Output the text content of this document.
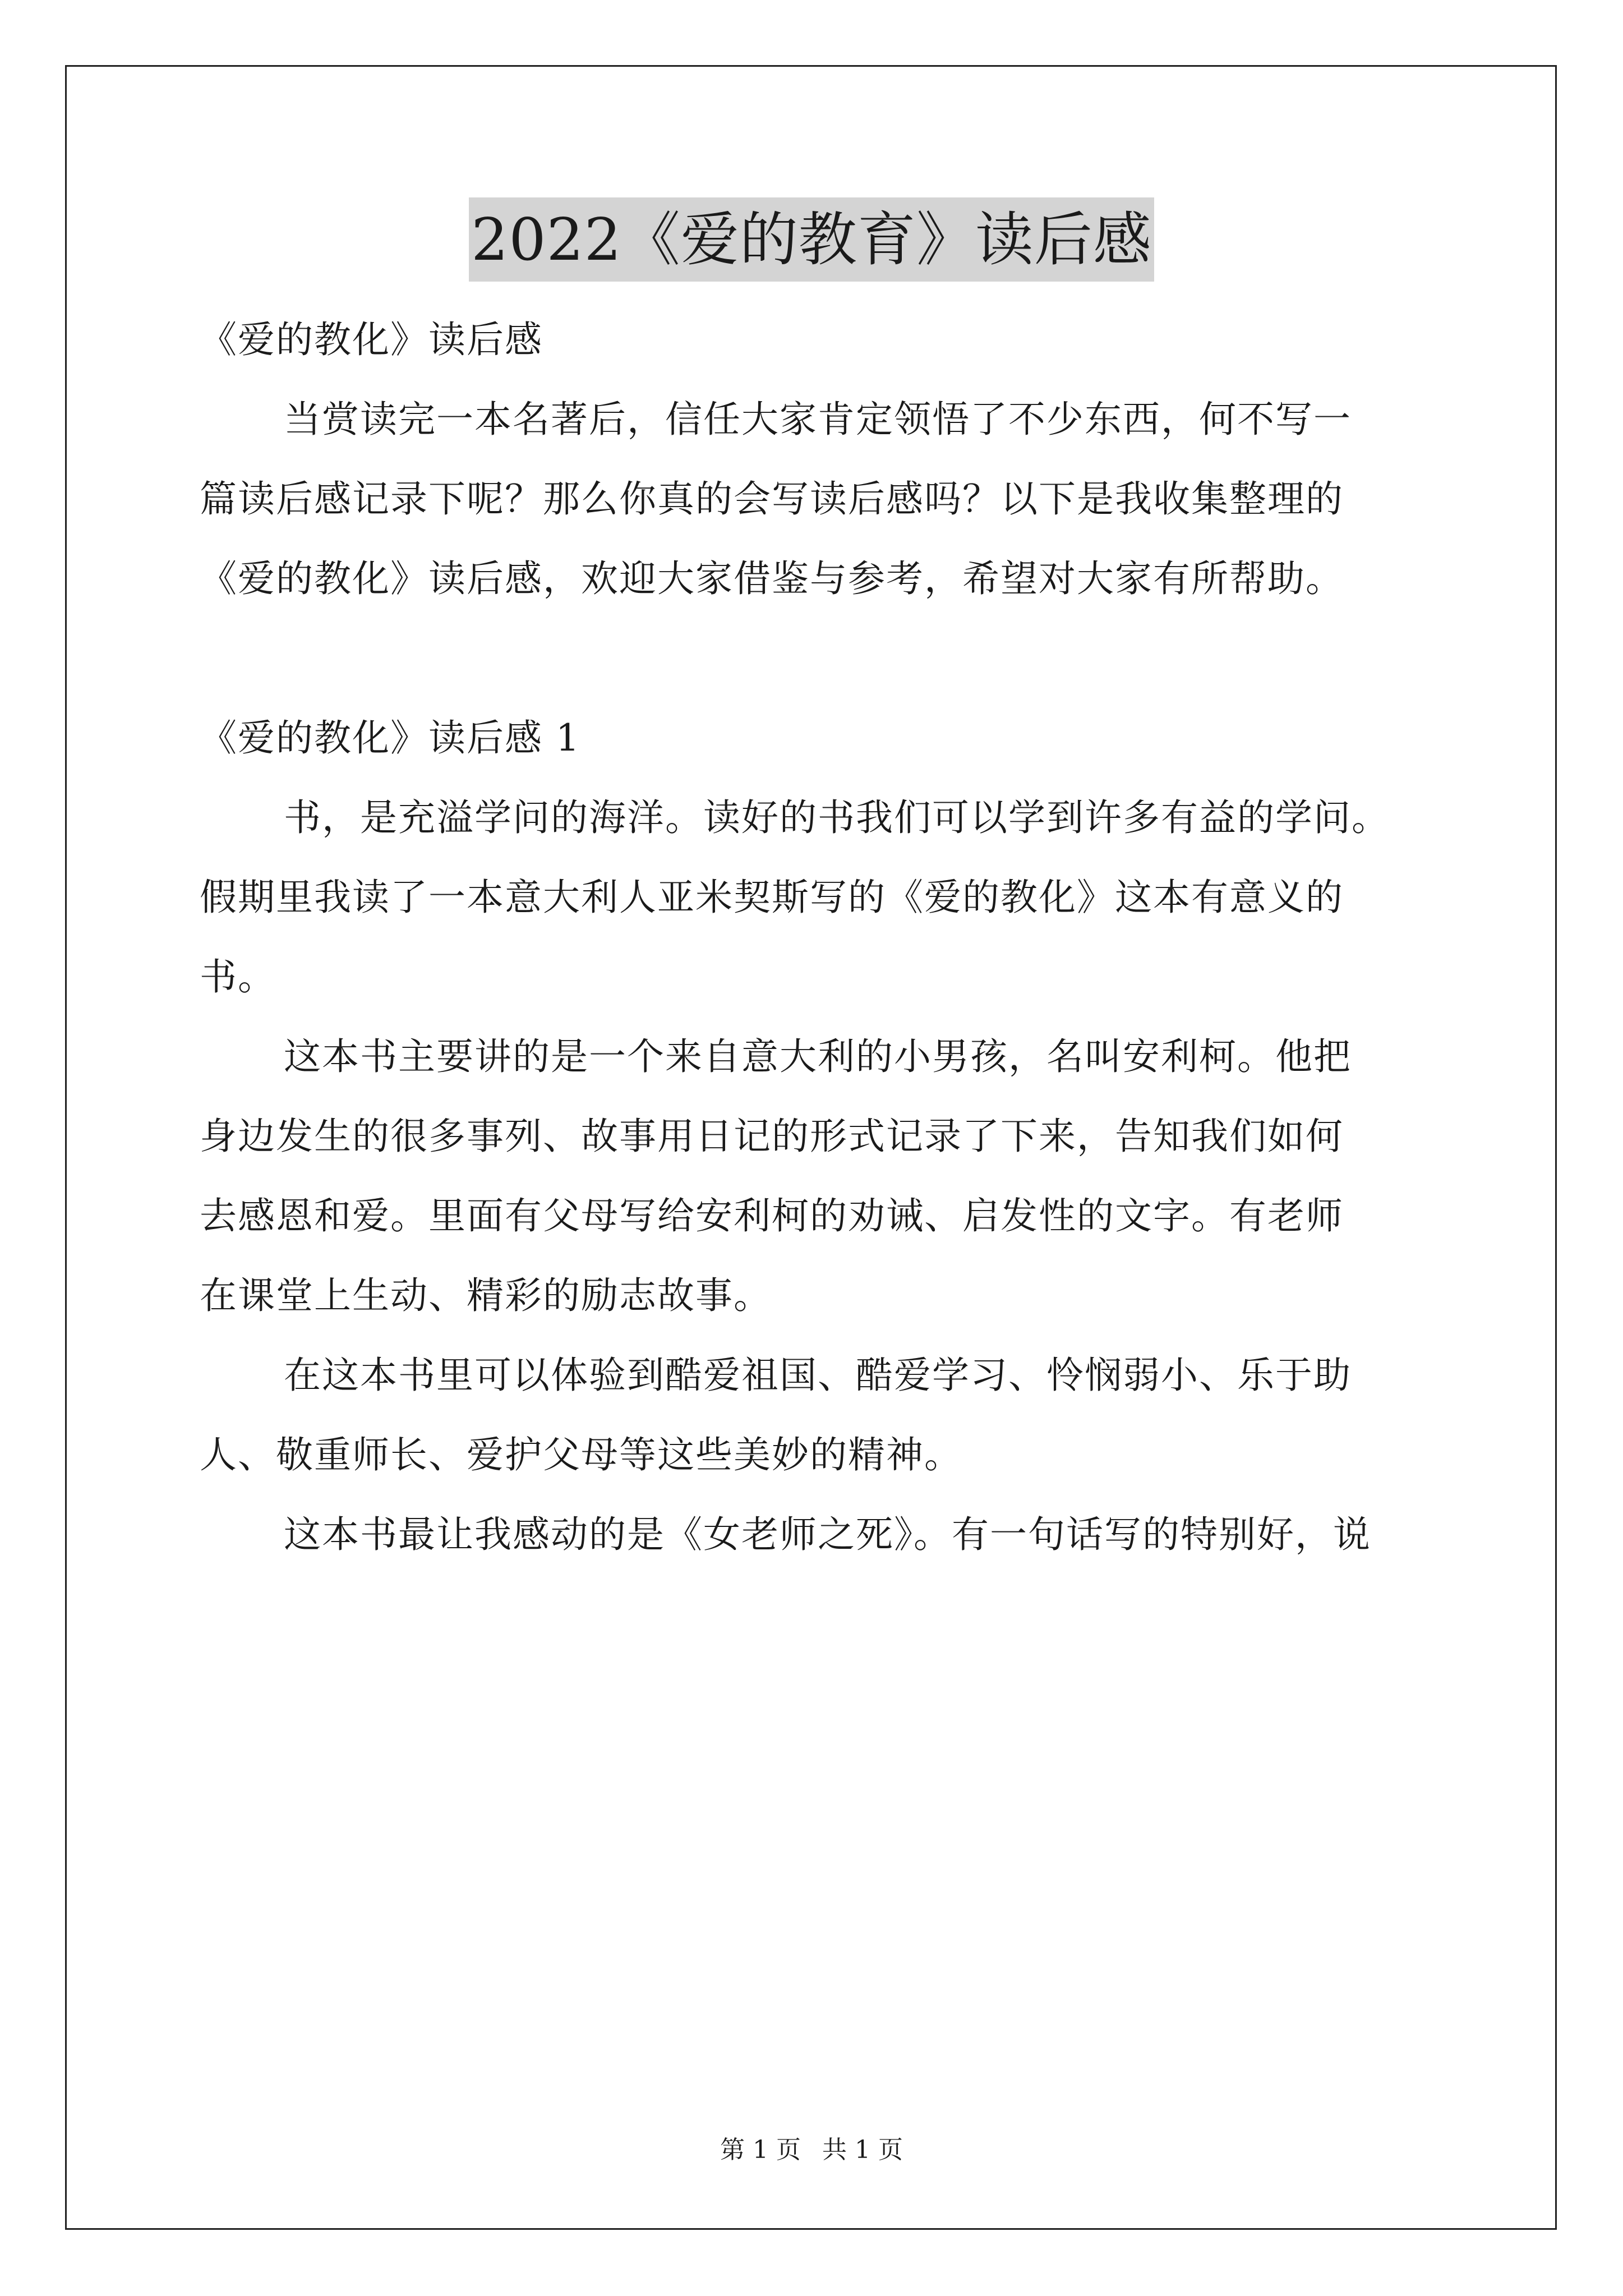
2022《爱的教育》读后感
《爱的教化》读后感
当赏读完一本名著后，信任大家肯定领悟了不少东西，何不写一
篇读后感记录下呢？那么你真的会写读后感吗？以下是我收集整理的
《爱的教化》读后感，欢迎大家借鉴与参考，希望对大家有所帮助。
《爱的教化》读后感 1
书，是充溢学问的海洋。读好的书我们可以学到许多有益的学问。
假期里我读了一本意大利人亚米契斯写的《爱的教化》这本有意义的
书。
这本书主要讲的是一个来自意大利的小男孩，名叫安利柯。他把
身边发生的很多事列、故事用日记的形式记录了下来，告知我们如何
去感恩和爱。里面有父母写给安利柯的劝诫、启发性的文字。有老师
在课堂上生动、精彩的励志故事。
在这本书里可以体验到酷爱祖国、酷爱学习、怜悯弱小、乐于助
人、敬重师长、爱护父母等这些美妙的精神。
这本书最让我感动的是《女老师之死》。有一句话写的特别好，说
第 1 页 共 1 页
